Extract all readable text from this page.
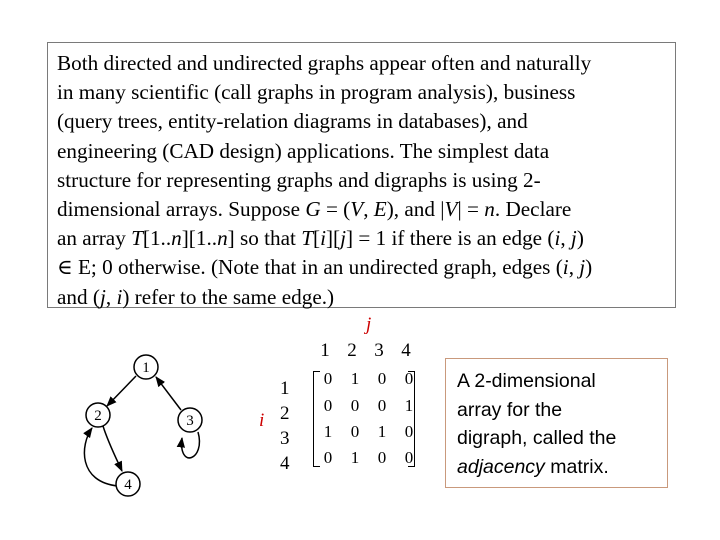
Both directed and undirected graphs appear often and naturally
in many scientific (call graphs in program analysis), business
(query trees, entity-relation diagrams in databases), and
engineering (CAD design) applications. The simplest data
structure for representing graphs and digraphs is using 2-
dimensional arrays. Suppose G = (V, E), and |V| = n. Declare
an array T[1..n][1..n] so that T[i][j] = 1 if there is an edge (i, j)
∈ E; 0 otherwise. (Note that in an undirected graph, edges (i, j)
and (j, i) refer to the same edge.)
1
2	3
4
j
i
1 2 3 4
1
2
3
4
0 1 0 0
0 0 0 1
1 0 1 0
0 1 0 0
A 2-dimensional
array for the
digraph, called the
adjacency matrix.
